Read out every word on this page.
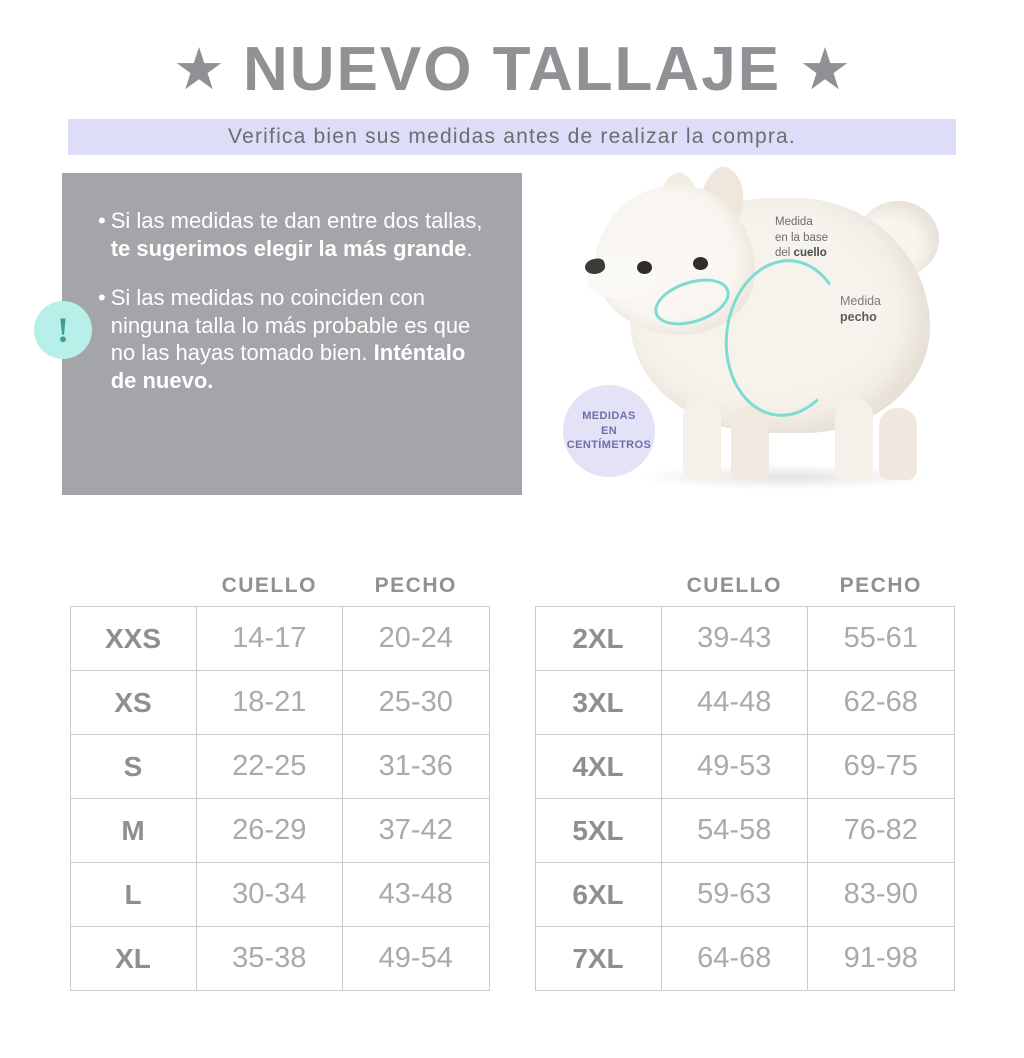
★ NUEVO TALLAJE ★
Verifica bien sus medidas antes de realizar la compra.
• Si las medidas te dan entre dos tallas, te sugerimos elegir la más grande.
• Si las medidas no coinciden con ninguna talla lo más probable es que no las hayas tomado bien. Inténtalo de nuevo.
!
Medida
en la base
del cuello
Medida
pecho
MEDIDAS
EN
CENTÍMETROS
	CUELLO	PECHO
XXS	14-17	20-24
XS	18-21	25-30
S	22-25	31-36
M	26-29	37-42
L	30-34	43-48
XL	35-38	49-54
	CUELLO	PECHO
2XL	39-43	55-61
3XL	44-48	62-68
4XL	49-53	69-75
5XL	54-58	76-82
6XL	59-63	83-90
7XL	64-68	91-98
